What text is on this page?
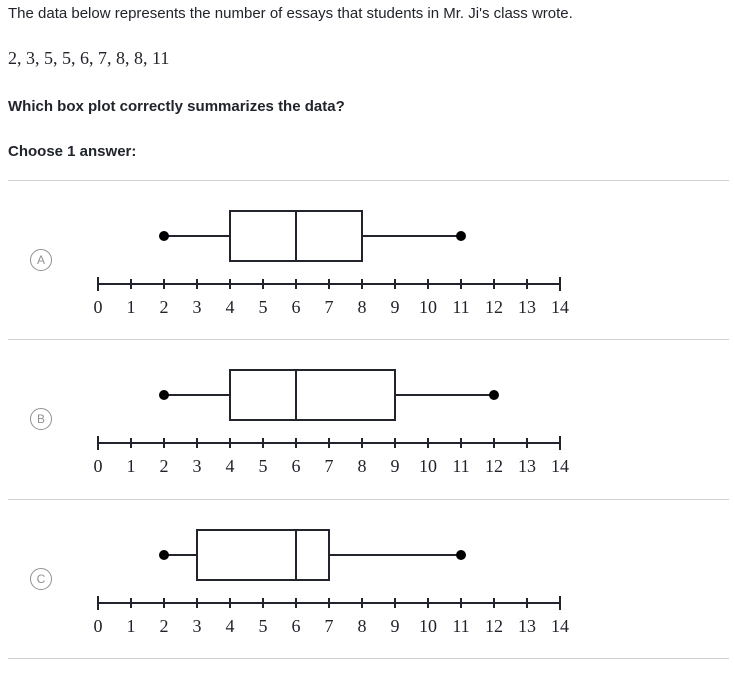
The data below represents the number of essays that students in Mr. Ji's class wrote.
2, 3, 5, 5, 6, 7, 8, 8, 11
Which box plot correctly summarizes the data?
Choose 1 answer:
A
0 1 2 3 4 5 6 7 8 9 10 11 12 13 14
B
0 1 2 3 4 5 6 7 8 9 10 11 12 13 14
C
0 1 2 3 4 5 6 7 8 9 10 11 12 13 14
